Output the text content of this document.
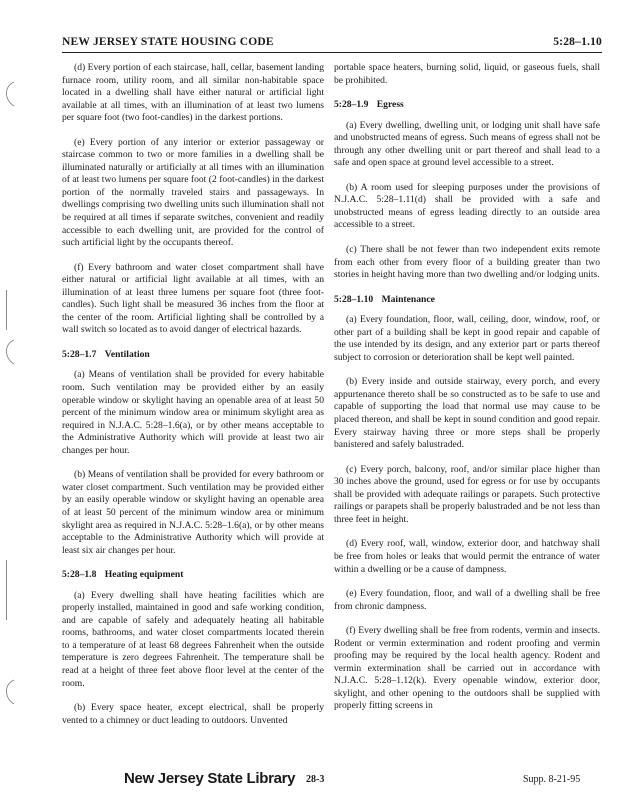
NEW JERSEY STATE HOUSING CODE	5:28–1.10

(d) Every portion of each staircase, hall, cellar, basement landing furnace room, utility room, and all similar non-habitable space located in a dwelling shall have either natural or artificial light available at all times, with an illumination of at least two lumens per square foot (two foot-candles) in the darkest portions.

(e) Every portion of any interior or exterior passageway or staircase common to two or more families in a dwelling shall be illuminated naturally or artificially at all times with an illumination of at least two lumens per square foot (2 foot-candles) in the darkest portion of the normally traveled stairs and passageways. In dwellings comprising two dwelling units such illumination shall not be required at all times if separate switches, convenient and readily accessible to each dwelling unit, are provided for the control of such artificial light by the occupants thereof.

(f) Every bathroom and water closet compartment shall have either natural or artificial light available at all times, with an illumination of at least three lumens per square foot (three foot-candles). Such light shall be measured 36 inches from the floor at the center of the room. Artificial lighting shall be controlled by a wall switch so located as to avoid danger of electrical hazards.

5:28–1.7 Ventilation

(a) Means of ventilation shall be provided for every habitable room. Such ventilation may be provided either by an easily operable window or skylight having an openable area of at least 50 percent of the minimum window area or minimum skylight area as required in N.J.A.C. 5:28–1.6(a), or by other means acceptable to the Administrative Authority which will provide at least two air changes per hour.

(b) Means of ventilation shall be provided for every bathroom or water closet compartment. Such ventilation may be provided either by an easily operable window or skylight having an openable area of at least 50 percent of the minimum window area or minimum skylight area as required in N.J.A.C. 5:28–1.6(a), or by other means acceptable to the Administrative Authority which will provide at least six air changes per hour.

5:28–1.8 Heating equipment

(a) Every dwelling shall have heating facilities which are properly installed, maintained in good and safe working condition, and are capable of safely and adequately heating all habitable rooms, bathrooms, and water closet compartments located therein to a temperature of at least 68 degrees Fahrenheit when the outside temperature is zero degrees Fahrenheit. The temperature shall be read at a height of three feet above floor level at the center of the room.

(b) Every space heater, except electrical, shall be properly vented to a chimney or duct leading to outdoors. Unvented

portable space heaters, burning solid, liquid, or gaseous fuels, shall be prohibited.

5:28–1.9 Egress

(a) Every dwelling, dwelling unit, or lodging unit shall have safe and unobstructed means of egress. Such means of egress shall not be through any other dwelling unit or part thereof and shall lead to a safe and open space at ground level accessible to a street.

(b) A room used for sleeping purposes under the provisions of N.J.A.C. 5:28–1.11(d) shall be provided with a safe and unobstructed means of egress leading directly to an outside area accessible to a street.

(c) There shall be not fewer than two independent exits remote from each other from every floor of a building greater than two stories in height having more than two dwelling and/or lodging units.

5:28–1.10 Maintenance

(a) Every foundation, floor, wall, ceiling, door, window, roof, or other part of a building shall be kept in good repair and capable of the use intended by its design, and any exterior part or parts thereof subject to corrosion or deterioration shall be kept well painted.

(b) Every inside and outside stairway, every porch, and every appurtenance thereto shall be so constructed as to be safe to use and capable of supporting the load that normal use may cause to be placed thereon, and shall be kept in sound condition and good repair. Every stairway having three or more steps shall be properly banistered and safely balustraded.

(c) Every porch, balcony, roof, and/or similar place higher than 30 inches above the ground, used for egress or for use by occupants shall be provided with adequate railings or parapets. Such protective railings or parapets shall be properly balustraded and be not less than three feet in height.

(d) Every roof, wall, window, exterior door, and hatchway shall be free from holes or leaks that would permit the entrance of water within a dwelling or be a cause of dampness.

(e) Every foundation, floor, and wall of a dwelling shall be free from chronic dampness.

(f) Every dwelling shall be free from rodents, vermin and insects. Rodent or vermin extermination and rodent proofing and vermin proofing may be required by the local health agency. Rodent and vermin extermination shall be carried out in accordance with N.J.A.C. 5:28–1.12(k). Every openable window, exterior door, skylight, and other opening to the outdoors shall be supplied with properly fitting screens in

New Jersey State Library 28-3	Supp. 8-21-95
